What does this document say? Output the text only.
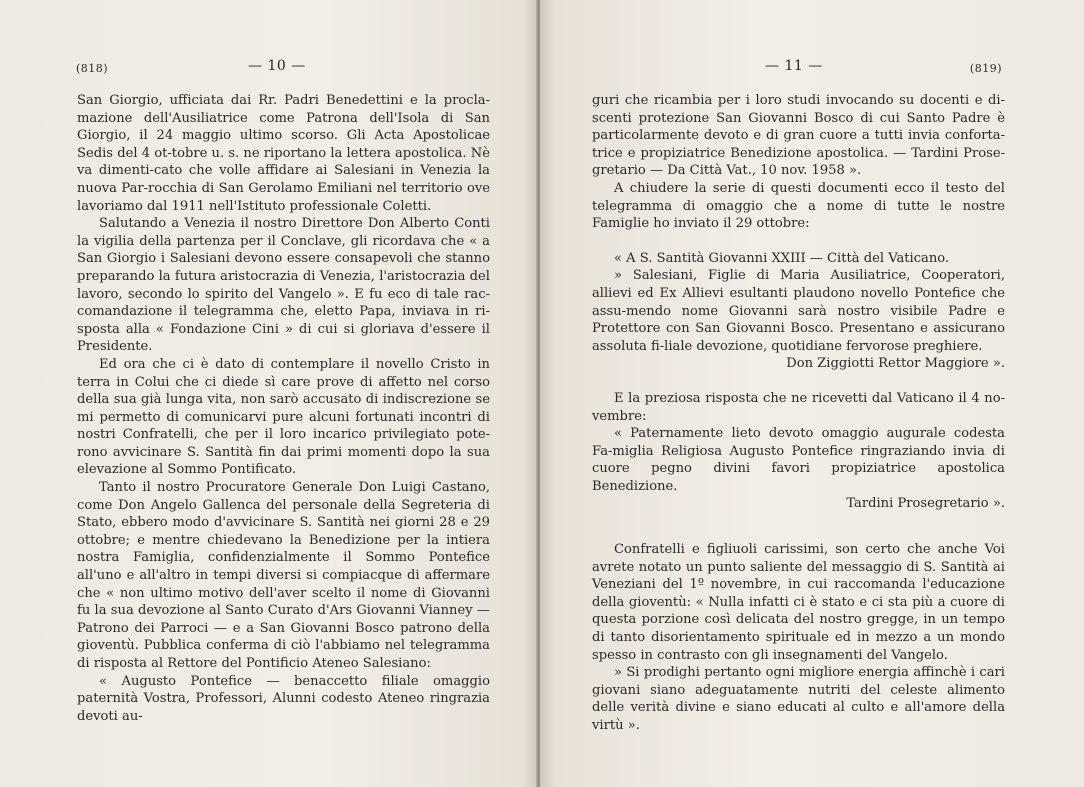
(818)	— 10 —

San Giorgio, ufficiata dai Rr. Padri Benedettini e la procla-mazione dell'Ausiliatrice come Patrona dell'Isola di San Giorgio, il 24 maggio ultimo scorso. Gli Acta Apostolicae Sedis del 4 ot-tobre u. s. ne riportano la lettera apostolica. Nè va dimenti-cato che volle affidare ai Salesiani in Venezia la nuova Par-rocchia di San Gerolamo Emiliani nel territorio ove lavoriamo dal 1911 nell'Istituto professionale Coletti.

Salutando a Venezia il nostro Direttore Don Alberto Conti la vigilia della partenza per il Conclave, gli ricordava che « a San Giorgio i Salesiani devono essere consapevoli che stanno preparando la futura aristocrazia di Venezia, l'aristocrazia del lavoro, secondo lo spirito del Vangelo ». E fu eco di tale rac-comandazione il telegramma che, eletto Papa, inviava in ri-sposta alla « Fondazione Cini » di cui si gloriava d'essere il Presidente.

Ed ora che ci è dato di contemplare il novello Cristo in terra in Colui che ci diede sì care prove di affetto nel corso della sua già lunga vita, non sarò accusato di indiscrezione se mi permetto di comunicarvi pure alcuni fortunati incontri di nostri Confratelli, che per il loro incarico privilegiato pote-rono avvicinare S. Santità fin dai primi momenti dopo la sua elevazione al Sommo Pontificato.

Tanto il nostro Procuratore Generale Don Luigi Castano, come Don Angelo Gallenca del personale della Segreteria di Stato, ebbero modo d'avvicinare S. Santità nei giorni 28 e 29 ottobre; e mentre chiedevano la Benedizione per la intiera nostra Famiglia, confidenzialmente il Sommo Pontefice all'uno e all'altro in tempi diversi si compiacque di affermare che « non ultimo motivo dell'aver scelto il nome di Giovanni fu la sua devozione al Santo Curato d'Ars Giovanni Vianney — Patrono dei Parroci — e a San Giovanni Bosco patrono della gioventù. Pubblica conferma di ciò l'abbiamo nel telegramma di risposta al Rettore del Pontificio Ateneo Salesiano:

« Augusto Pontefice — benaccetto filiale omaggio paternità Vostra, Professori, Alunni codesto Ateneo ringrazia devoti au-

— 11 —	(819)

guri che ricambia per i loro studi invocando su docenti e di-scenti protezione San Giovanni Bosco di cui Santo Padre è particolarmente devoto e di gran cuore a tutti invia conforta-trice e propiziatrice Benedizione apostolica. — Tardini Prose-gretario — Da Città Vat., 10 nov. 1958 ».

A chiudere la serie di questi documenti ecco il testo del telegramma di omaggio che a nome di tutte le nostre Famiglie ho inviato il 29 ottobre:

« A S. Santità Giovanni XXIII — Città del Vaticano.

» Salesiani, Figlie di Maria Ausiliatrice, Cooperatori, allievi ed Ex Allievi esultanti plaudono novello Pontefice che assu-mendo nome Giovanni sarà nostro visibile Padre e Protettore con San Giovanni Bosco. Presentano e assicurano assoluta fi-liale devozione, quotidiane fervorose preghiere.

Don Ziggiotti Rettor Maggiore ».

E la preziosa risposta che ne ricevetti dal Vaticano il 4 no-vembre:

« Paternamente lieto devoto omaggio augurale codesta Fa-miglia Religiosa Augusto Pontefice ringraziando invia di cuore pegno divini favori propiziatrice apostolica Benedizione.

Tardini Prosegretario ».

Confratelli e figliuoli carissimi, son certo che anche Voi avrete notato un punto saliente del messaggio di S. Santità ai Veneziani del 1º novembre, in cui raccomanda l'educazione della gioventù: « Nulla infatti ci è stato e ci sta più a cuore di questa porzione così delicata del nostro gregge, in un tempo di tanto disorientamento spirituale ed in mezzo a un mondo spesso in contrasto con gli insegnamenti del Vangelo.

» Si prodighi pertanto ogni migliore energia affinchè i cari giovani siano adeguatamente nutriti del celeste alimento delle verità divine e siano educati al culto e all'amore della virtù ».
